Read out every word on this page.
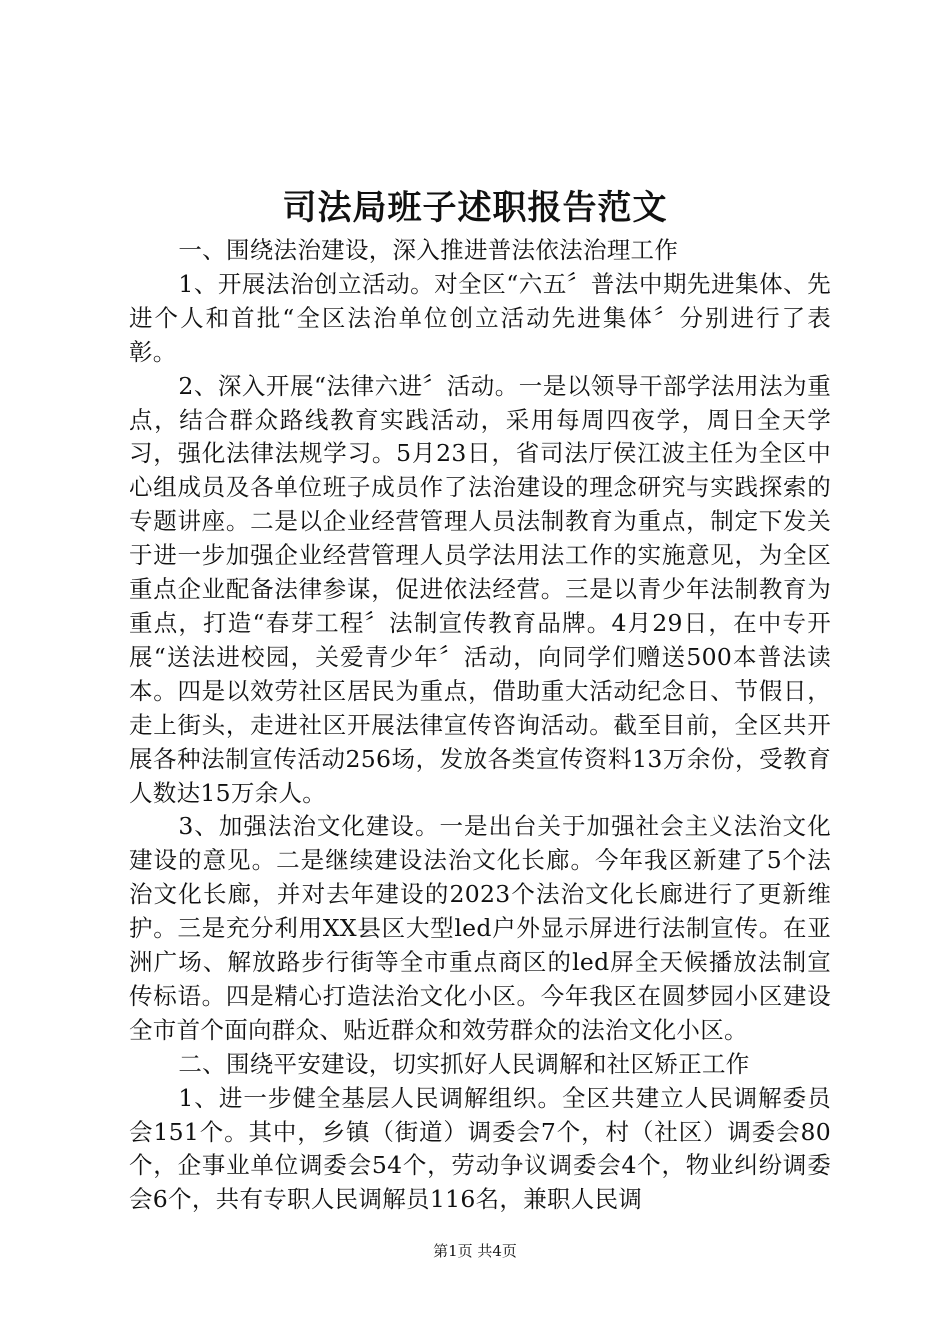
司法局班子述职报告范文

一、围绕法治建设，深入推进普法依法治理工作

1、开展法治创立活动。对全区“六五〞普法中期先进集体、先进个人和首批“全区法治单位创立活动先进集体〞分别进行了表彰。

2、深入开展“法律六进〞活动。一是以领导干部学法用法为重点，结合群众路线教育实践活动，采用每周四夜学，周日全天学习，强化法律法规学习。5月23日，省司法厅侯江波主任为全区中心组成员及各单位班子成员作了法治建设的理念研究与实践探索的专题讲座。二是以企业经营管理人员法制教育为重点，制定下发关于进一步加强企业经营管理人员学法用法工作的实施意见，为全区重点企业配备法律参谋，促进依法经营。三是以青少年法制教育为重点，打造“春芽工程〞法制宣传教育品牌。4月29日，在中专开展“送法进校园，关爱青少年〞活动，向同学们赠送500本普法读本。四是以效劳社区居民为重点，借助重大活动纪念日、节假日，走上街头，走进社区开展法律宣传咨询活动。截至目前，全区共开展各种法制宣传活动256场，发放各类宣传资料13万余份，受教育人数达15万余人。

3、加强法治文化建设。一是出台关于加强社会主义法治文化建设的意见。二是继续建设法治文化长廊。今年我区新建了5个法治文化长廊，并对去年建设的2023个法治文化长廊进行了更新维护。三是充分利用XX县区大型led户外显示屏进行法制宣传。在亚洲广场、解放路步行街等全市重点商区的led屏全天候播放法制宣传标语。四是精心打造法治文化小区。今年我区在圆梦园小区建设全市首个面向群众、贴近群众和效劳群众的法治文化小区。

二、围绕平安建设，切实抓好人民调解和社区矫正工作

1、进一步健全基层人民调解组织。全区共建立人民调解委员会151个。其中，乡镇（街道）调委会7个，村（社区）调委会80个，企事业单位调委会54个，劳动争议调委会4个，物业纠纷调委会6个，共有专职人民调解员116名，兼职人民调

第1页 共4页
